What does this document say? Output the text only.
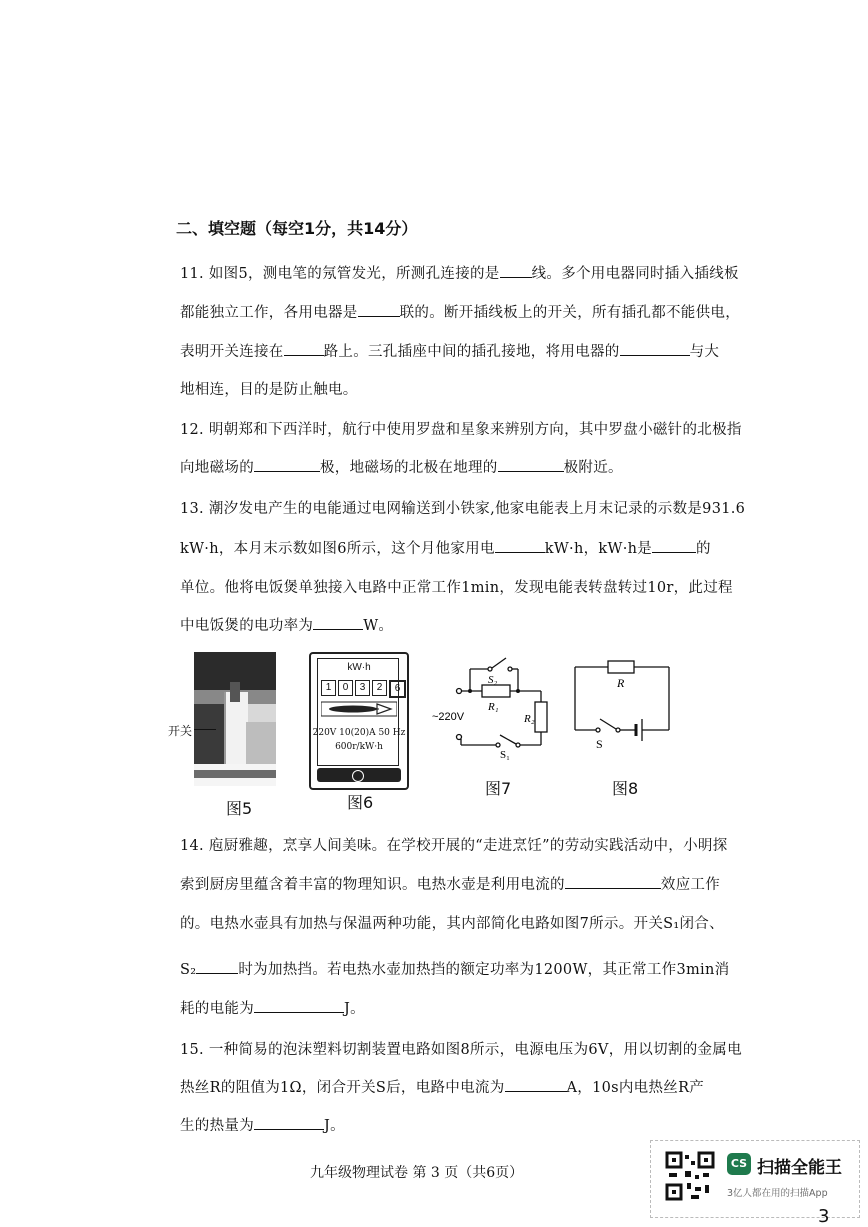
二、填空题（每空1分，共14分）
11. 如图5，测电笔的氖管发光，所测孔连接的是 线。多个用电器同时插入插线板
都能独立工作，各用电器是	联的。断开插线板上的开关，所有插孔都不能供电，
表明开关连接在	路上。三孔插座中间的插孔接地，将用电器的	与大
地相连，目的是防止触电。
12. 明朝郑和下西洋时，航行中使用罗盘和星象来辨别方向，其中罗盘小磁针的北极指
向地磁场的	极，地磁场的北极在地理的	极附近。
13. 潮汐发电产生的电能通过电网输送到小铁家,他家电能表上月末记录的示数是931.6
kW·h，本月末示数如图6所示，这个月他家用电	kW·h，kW·h是	的
单位。他将电饭煲单独接入电路中正常工作1min，发现电能表转盘转过10r，此过程
中电饭煲的电功率为	W。
开关
图5
kW·h
1	0	3	2	6
220V 10(20)A 50 Hz
600r/kW·h
图6
S₂
R₁
R₂
~220V
S₁
图7
R
S
图8
14. 庖厨雅趣，烹享人间美味。在学校开展的“走进烹饪”的劳动实践活动中，小明探
索到厨房里蕴含着丰富的物理知识。电热水壶是利用电流的	效应工作
的。电热水壶具有加热与保温两种功能，其内部简化电路如图7所示。开关S₁闭合、
S₂	时为加热挡。若电热水壶加热挡的额定功率为1200W，其正常工作3min消
耗的电能为	J。
15. 一种简易的泡沫塑料切割装置电路如图8所示，电源电压为6V，用以切割的金属电
热丝R的阻值为1Ω，闭合开关S后，电路中电流为	A，10s内电热丝R产
生的热量为	J。
九年级物理试卷 第 3 页（共6页）
CS 扫描全能王
3亿人都在用的扫描App
3
